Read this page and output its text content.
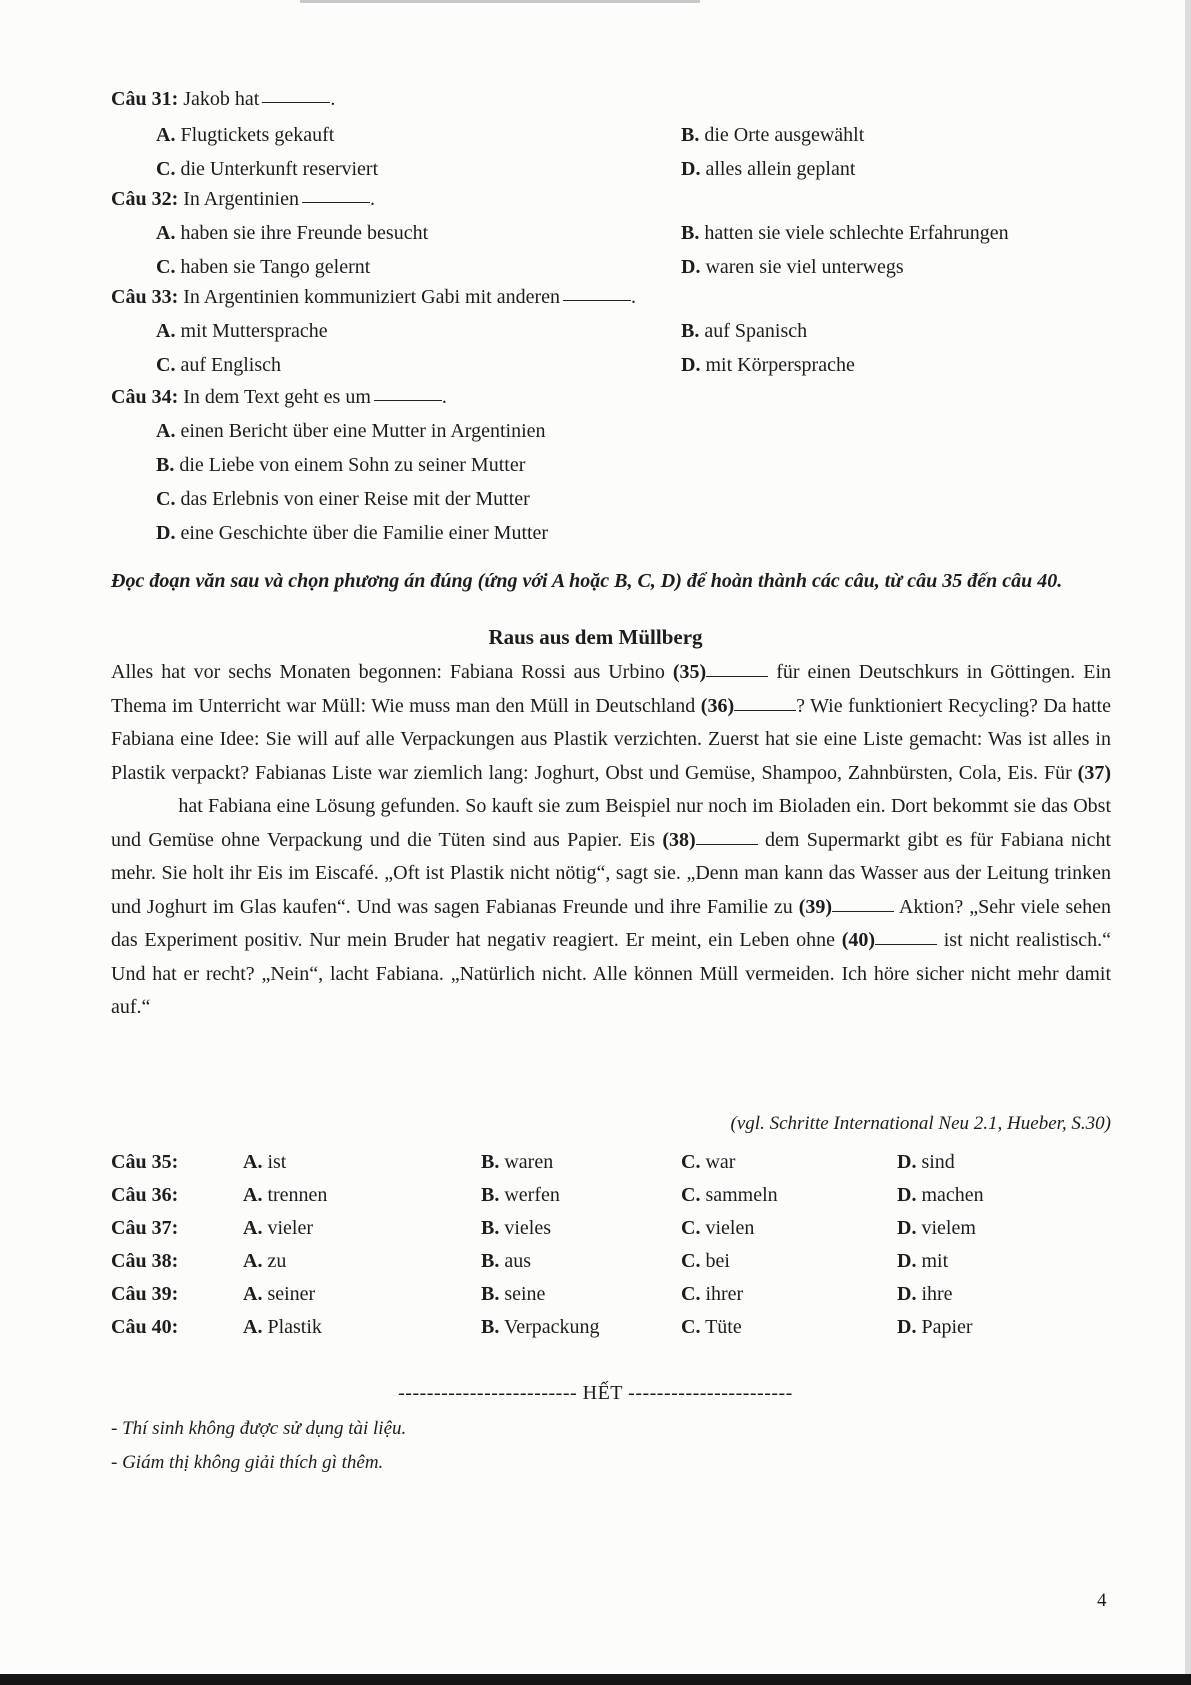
Câu 31: Jakob hat	.
A. Flugtickets gekauft	B. die Orte ausgewählt
C. die Unterkunft reserviert	D. alles allein geplant
Câu 32: In Argentinien	.
A. haben sie ihre Freunde besucht	B. hatten sie viele schlechte Erfahrungen
C. haben sie Tango gelernt	D. waren sie viel unterwegs
Câu 33: In Argentinien kommuniziert Gabi mit anderen	.
A. mit Muttersprache	B. auf Spanisch
C. auf Englisch	D. mit Körpersprache
Câu 34: In dem Text geht es um	.
A. einen Bericht über eine Mutter in Argentinien
B. die Liebe von einem Sohn zu seiner Mutter
C. das Erlebnis von einer Reise mit der Mutter
D. eine Geschichte über die Familie einer Mutter
Đọc đoạn văn sau và chọn phương án đúng (ứng với A hoặc B, C, D) để hoàn thành các câu, từ câu 35 đến câu 40.
Raus aus dem Müllberg
Alles hat vor sechs Monaten begonnen: Fabiana Rossi aus Urbino (35)	für einen Deutschkurs in Göttingen. Ein Thema im Unterricht war Müll: Wie muss man den Müll in Deutschland (36)	? Wie funktioniert Recycling? Da hatte Fabiana eine Idee: Sie will auf alle Verpackungen aus Plastik verzichten. Zuerst hat sie eine Liste gemacht: Was ist alles in Plastik verpackt? Fabianas Liste war ziemlich lang: Joghurt, Obst und Gemüse, Shampoo, Zahnbürsten, Cola, Eis. Für (37) hat Fabiana eine Lösung gefunden. So kauft sie zum Beispiel nur noch im Bioladen ein. Dort bekommt sie das Obst und Gemüse ohne Verpackung und die Tüten sind aus Papier. Eis (38)	dem Supermarkt gibt es für Fabiana nicht mehr. Sie holt ihr Eis im Eiscafé. „Oft ist Plastik nicht nötig“, sagt sie. „Denn man kann das Wasser aus der Leitung trinken und Joghurt im Glas kaufen“. Und was sagen Fabianas Freunde und ihre Familie zu (39)	Aktion? „Sehr viele sehen das Experiment positiv. Nur mein Bruder hat negativ reagiert. Er meint, ein Leben ohne (40)	ist nicht realistisch.“ Und hat er recht? „Nein“, lacht Fabiana. „Natürlich nicht. Alle können Müll vermeiden. Ich höre sicher nicht mehr damit auf.“
(vgl. Schritte International Neu 2.1, Hueber, S.30)
Câu 35:	A. ist	B. waren	C. war	D. sind
Câu 36:	A. trennen	B. werfen	C. sammeln	D. machen
Câu 37:	A. vieler	B. vieles	C. vielen	D. vielem
Câu 38:	A. zu	B. aus	C. bei	D. mit
Câu 39:	A. seiner	B. seine	C. ihrer	D. ihre
Câu 40:	A. Plastik	B. Verpackung	C. Tüte	D. Papier
------------------------- HẾT -----------------------
- Thí sinh không được sử dụng tài liệu.
- Giám thị không giải thích gì thêm.
4
